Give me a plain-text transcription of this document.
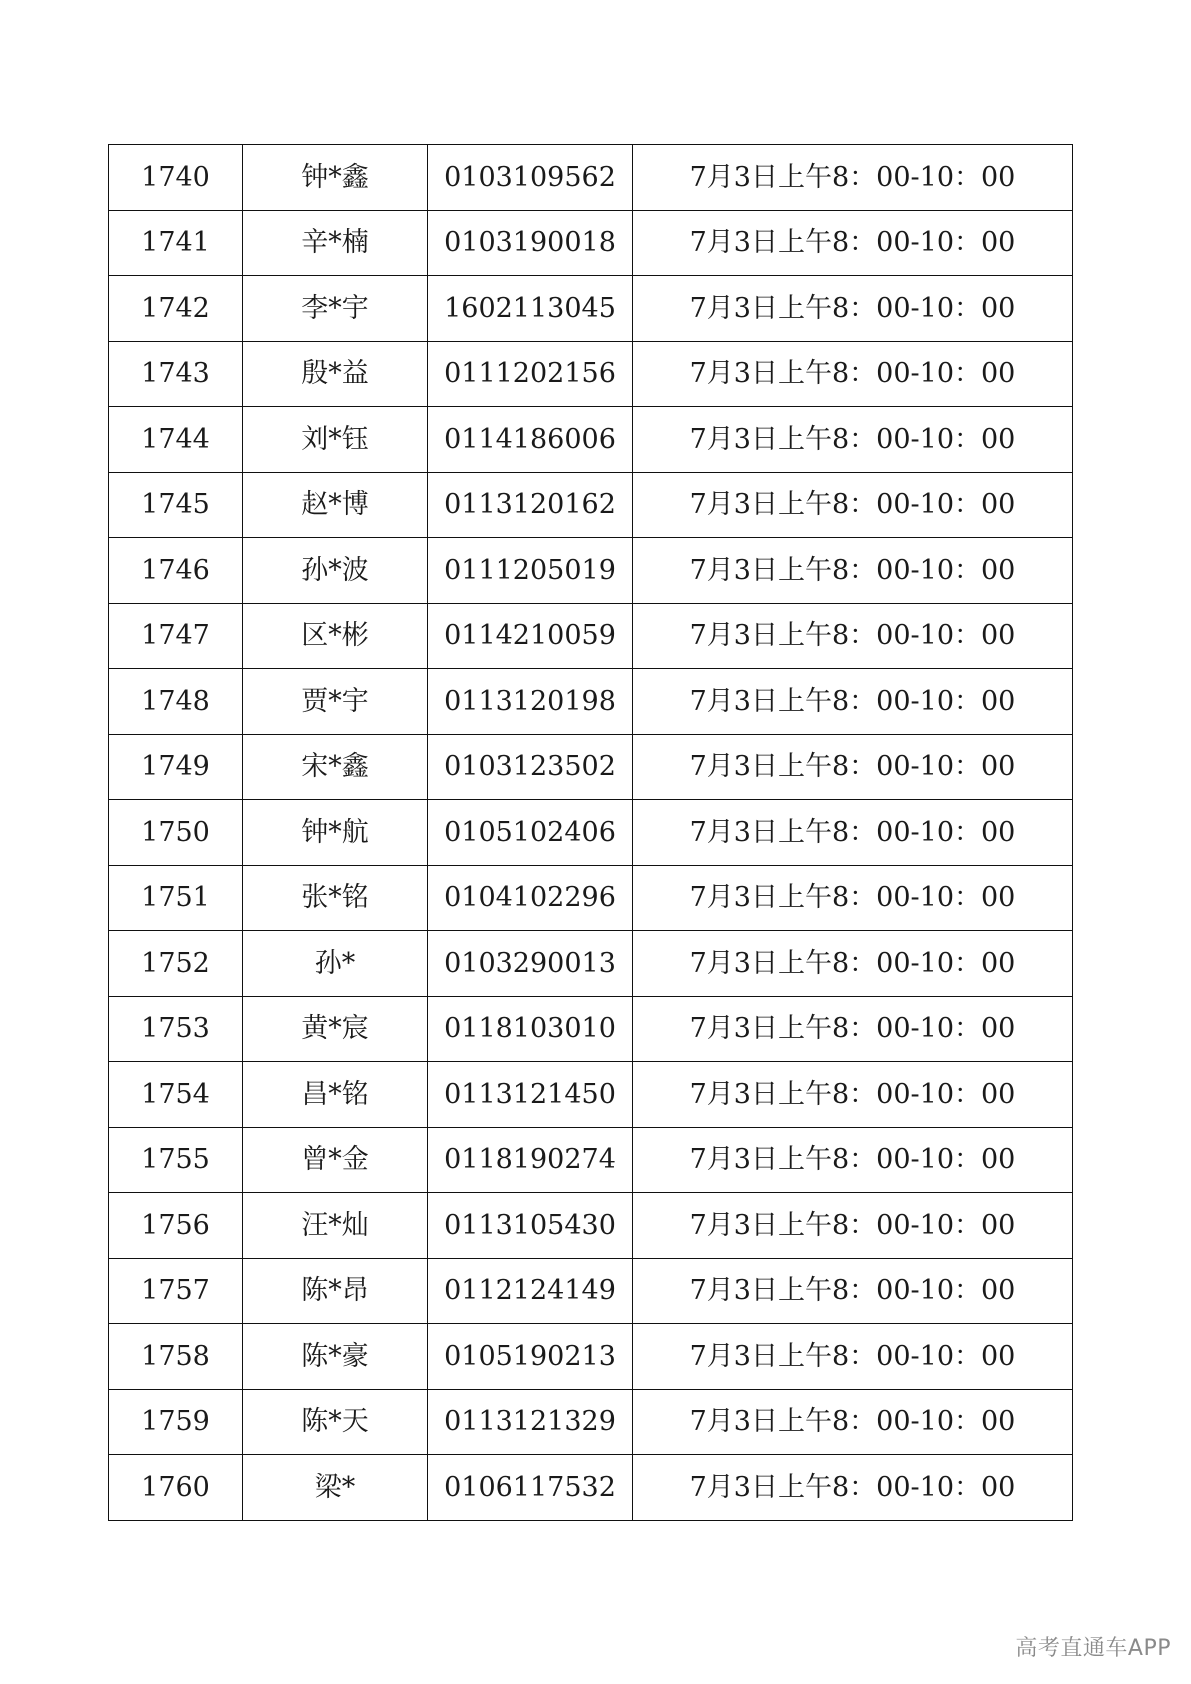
1740	钟*鑫	0103109562	7月3日上午8：00-10：00
1741	辛*楠	0103190018	7月3日上午8：00-10：00
1742	李*宇	1602113045	7月3日上午8：00-10：00
1743	殷*益	0111202156	7月3日上午8：00-10：00
1744	刘*钰	0114186006	7月3日上午8：00-10：00
1745	赵*博	0113120162	7月3日上午8：00-10：00
1746	孙*波	0111205019	7月3日上午8：00-10：00
1747	区*彬	0114210059	7月3日上午8：00-10：00
1748	贾*宇	0113120198	7月3日上午8：00-10：00
1749	宋*鑫	0103123502	7月3日上午8：00-10：00
1750	钟*航	0105102406	7月3日上午8：00-10：00
1751	张*铭	0104102296	7月3日上午8：00-10：00
1752	孙*	0103290013	7月3日上午8：00-10：00
1753	黄*宸	0118103010	7月3日上午8：00-10：00
1754	昌*铭	0113121450	7月3日上午8：00-10：00
1755	曾*金	0118190274	7月3日上午8：00-10：00
1756	汪*灿	0113105430	7月3日上午8：00-10：00
1757	陈*昂	0112124149	7月3日上午8：00-10：00
1758	陈*豪	0105190213	7月3日上午8：00-10：00
1759	陈*天	0113121329	7月3日上午8：00-10：00
1760	梁*	0106117532	7月3日上午8：00-10：00
高考直通车APP
